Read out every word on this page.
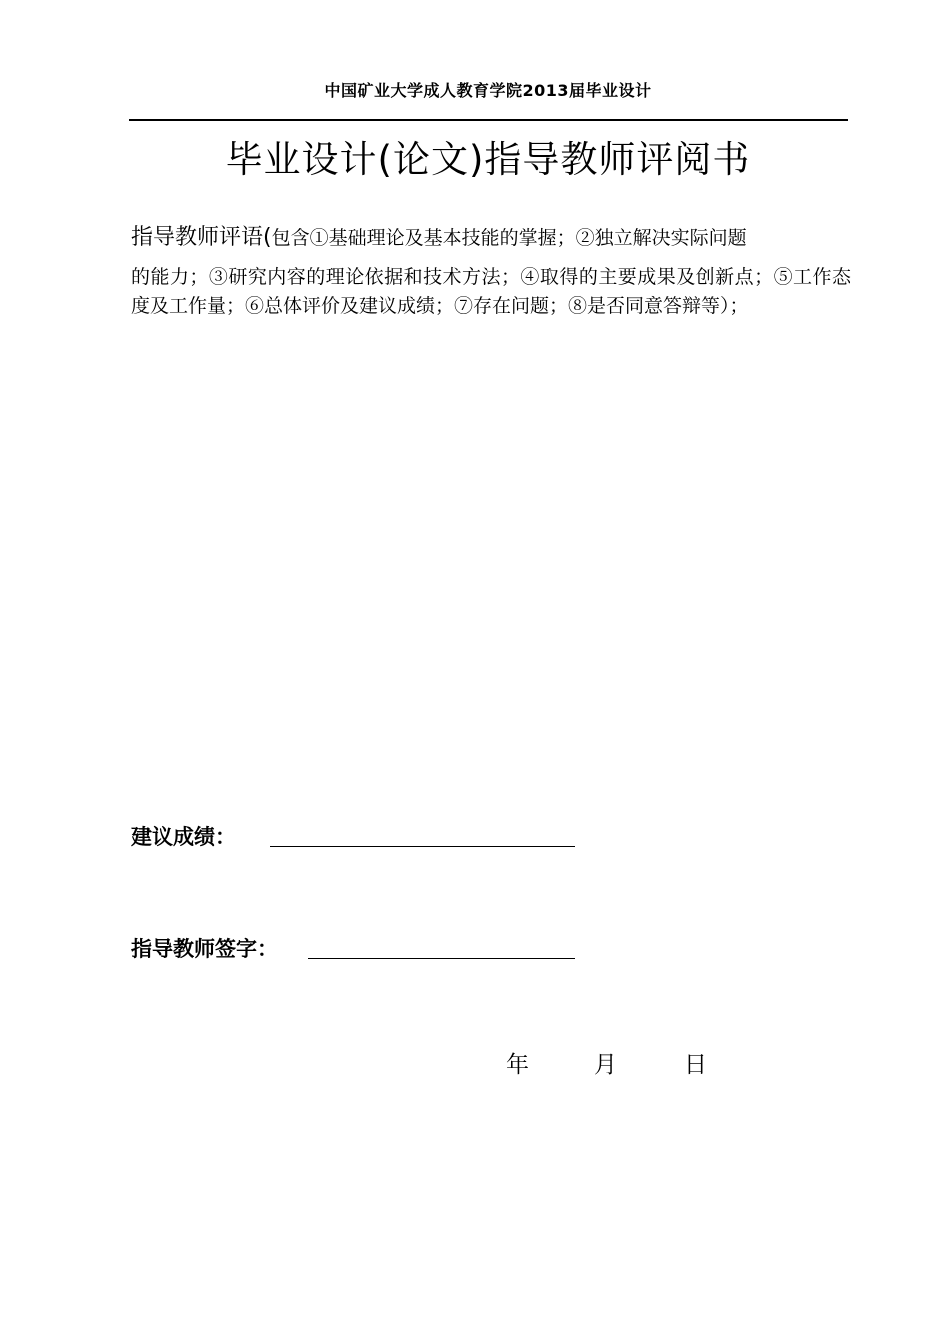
中国矿业大学成人教育学院2013届毕业设计
毕业设计(论文)指导教师评阅书
指导教师评语(包含①基础理论及基本技能的掌握；②独立解决实际问题
的能力；③研究内容的理论依据和技术方法；④取得的主要成果及创新点；⑤工作态度及工作量；⑥总体评价及建议成绩；⑦存在问题；⑧是否同意答辩等）；
建议成绩：
指导教师签字：
年	月	日
